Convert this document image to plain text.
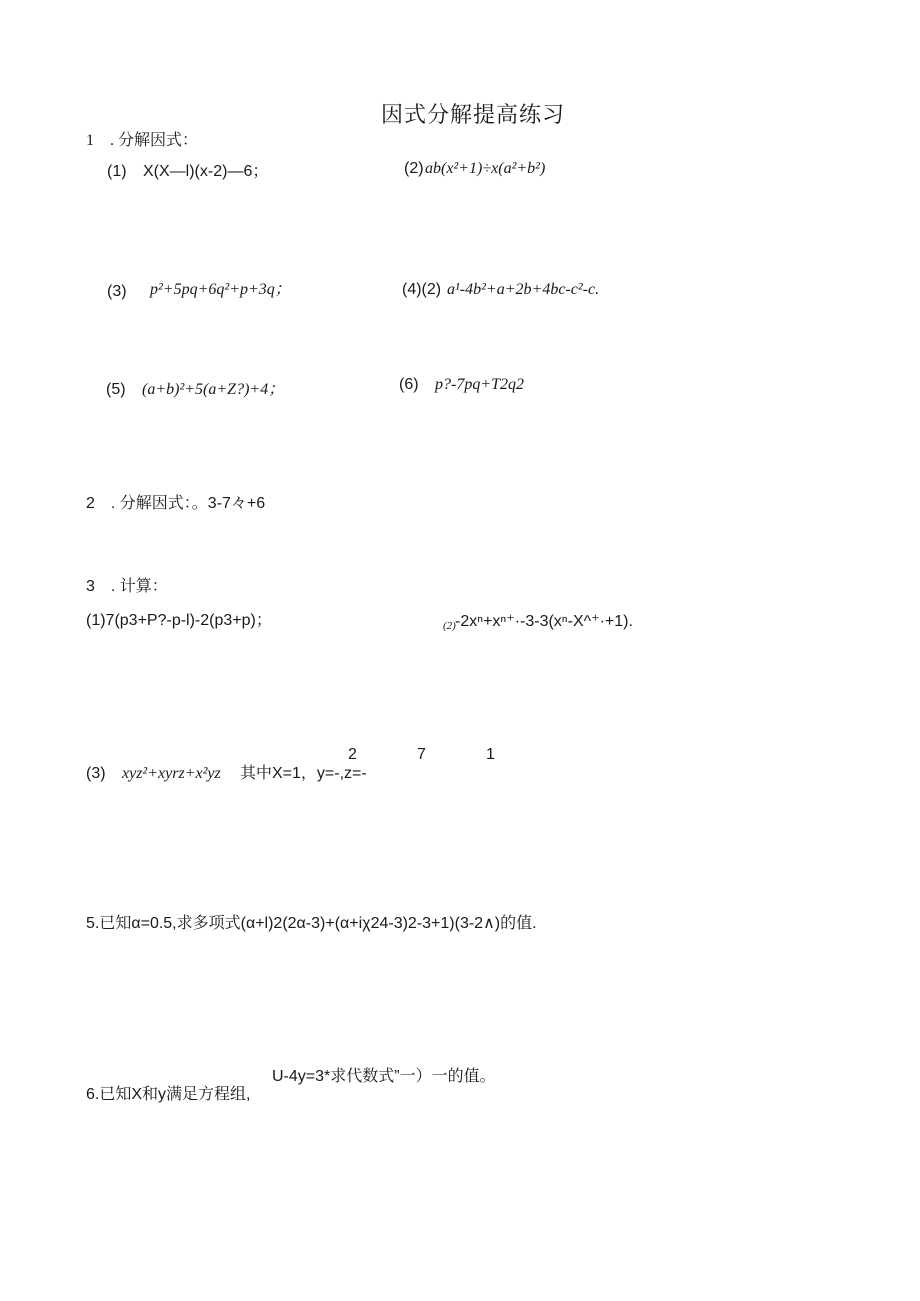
因式分解提高练习
1　. 分解因式：
(1) X(X—l)(x-2)—6；	(2) ab(x²+1)÷x(a²+b²)
(3) p²+5pq+6q²+p+3q；	(4)(2) a¹-4b²+a+2b+4bc-c²-c.
(5) (a+b)²+5(a+Z?)+4；	(6) p?-7pq+T2q2
2　. 分解因式：。3-7々+6
3　. 计算：
(1)7(p3+P?-p-l)-2(p3+p)；	(2) -2xⁿ+xⁿ⁺·-3-3(xⁿ-X^⁺·+1).
2	7	1
(3) xyz²+xyrz+x²yz 其中X=1，y=-,z=-
5.已知α=0.5,求多项式(α+l)2(2α-3)+(α+iχ24-3)2-3+1)(3-2∧)的值.
U-4y=3*求代数式”一）一的值。
6.已知X和y满足方程组,
